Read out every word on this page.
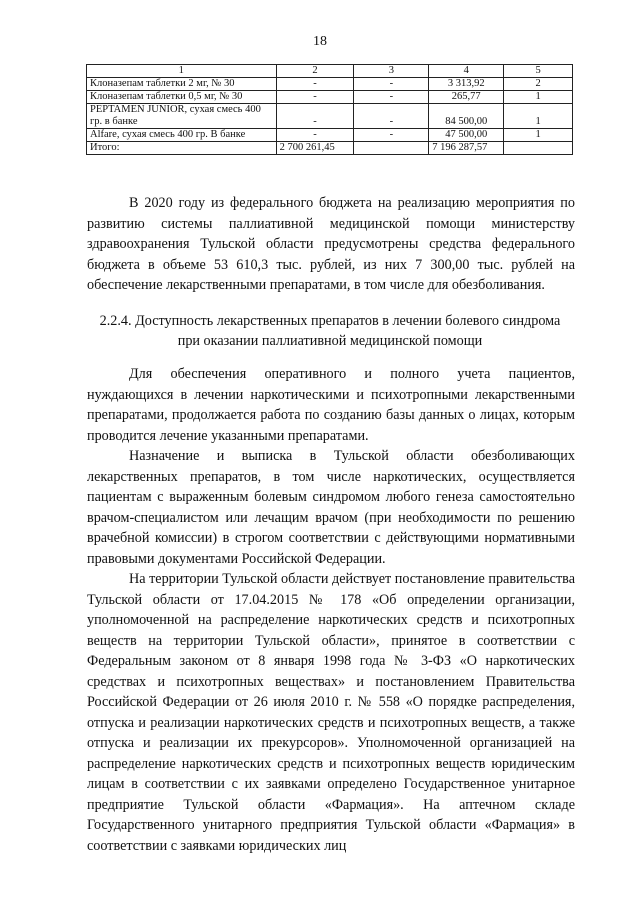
18
1	2	3	4	5
Клоназепам таблетки 2 мг, № 30	-	-	3 313,92	2
Клоназепам таблетки 0,5 мг, № 30	-	-	265,77	1
PEPTAMEN JUNIOR, сухая смесь 400 гр. в банке	-	-	84 500,00	1
Alfare, сухая смесь 400 гр. В банке	-	-	47 500,00	1
Итого:	2 700 261,45		7 196 287,57	

В 2020 году из федерального бюджета на реализацию мероприятия по развитию системы паллиативной медицинской помощи министерству здравоохранения Тульской области предусмотрены средства федерального бюджета в объеме 53 610,3 тыс. рублей, из них 7 300,00 тыс. рублей на обеспечение лекарственными препаратами, в том числе для обезболивания.

2.2.4. Доступность лекарственных препаратов в лечении болевого синдрома
при оказании паллиативной медицинской помощи

Для обеспечения оперативного и полного учета пациентов, нуждающихся в лечении наркотическими и психотропными лекарственными препаратами, продолжается работа по созданию базы данных о лицах, которым проводится лечение указанными препаратами.

Назначение и выписка в Тульской области обезболивающих лекарственных препаратов, в том числе наркотических, осуществляется пациентам с выраженным болевым синдромом любого генеза самостоятельно врачом-специалистом или лечащим врачом (при необходимости по решению врачебной комиссии) в строгом соответствии с действующими нормативными правовыми документами Российской Федерации.

На территории Тульской области действует постановление правительства Тульской области от 17.04.2015 № 178 «Об определении организации, уполномоченной на распределение наркотических средств и психотропных веществ на территории Тульской области», принятое в соответствии с Федеральным законом от 8 января 1998 года № 3-ФЗ «О наркотических средствах и психотропных веществах» и постановлением Правительства Российской Федерации от 26 июля 2010 г. № 558 «О порядке распределения, отпуска и реализации наркотических средств и психотропных веществ, а также отпуска и реализации их прекурсоров». Уполномоченной организацией на распределение наркотических средств и психотропных веществ юридическим лицам в соответствии с их заявками определено Государственное унитарное предприятие Тульской области «Фармация». На аптечном складе Государственного унитарного предприятия Тульской области «Фармация» в соответствии с заявками юридических лиц
